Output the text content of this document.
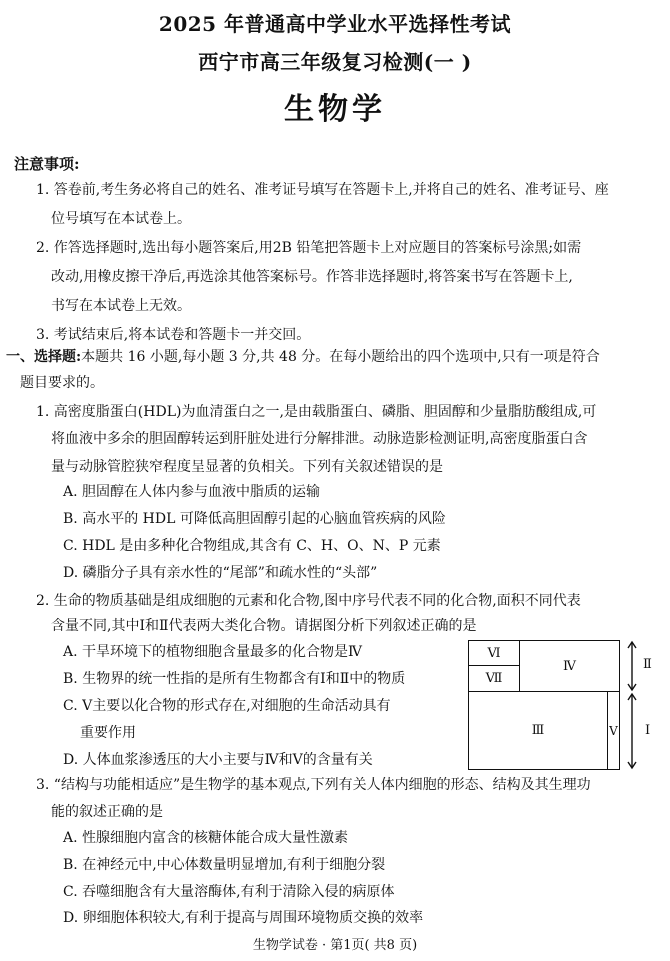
2025 年普通高中学业水平选择性考试
西宁市高三年级复习检测(一 )
生物学
注意事项:
1. 答卷前,考生务必将自己的姓名、准考证号填写在答题卡上,并将自己的姓名、准考证号、座
位号填写在本试卷上。
2. 作答选择题时,选出每小题答案后,用2B 铅笔把答题卡上对应题目的答案标号涂黑;如需
改动,用橡皮擦干净后,再选涂其他答案标号。作答非选择题时,将答案书写在答题卡上,
书写在本试卷上无效。
3. 考试结束后,将本试卷和答题卡一并交回。
一、选择题:本题共 16 小题,每小题 3 分,共 48 分。在每小题给出的四个选项中,只有一项是符合
题目要求的。
1. 高密度脂蛋白(HDL)为血清蛋白之一,是由载脂蛋白、磷脂、胆固醇和少量脂肪酸组成,可
将血液中多余的胆固醇转运到肝脏处进行分解排泄。动脉造影检测证明,高密度脂蛋白含
量与动脉管腔狭窄程度呈显著的负相关。下列有关叙述错误的是
A. 胆固醇在人体内参与血液中脂质的运输
B. 高水平的 HDL 可降低高胆固醇引起的心脑血管疾病的风险
C. HDL 是由多种化合物组成,其含有 C、H、O、N、P 元素
D. 磷脂分子具有亲水性的“尾部”和疏水性的“头部”
2. 生命的物质基础是组成细胞的元素和化合物,图中序号代表不同的化合物,面积不同代表
含量不同,其中Ⅰ和Ⅱ代表两大类化合物。请据图分析下列叙述正确的是
A. 干旱环境下的植物细胞含量最多的化合物是Ⅳ
B. 生物界的统一性指的是所有生物都含有Ⅰ和Ⅱ中的物质
C. Ⅴ主要以化合物的形式存在,对细胞的生命活动具有
重要作用
D. 人体血浆渗透压的大小主要与Ⅳ和Ⅴ的含量有关
Ⅵ
Ⅶ
Ⅳ
Ⅲ	Ⅴ
Ⅱ
Ⅰ
3. “结构与功能相适应”是生物学的基本观点,下列有关人体内细胞的形态、结构及其生理功
能的叙述正确的是
A. 性腺细胞内富含的核糖体能合成大量性激素
B. 在神经元中,中心体数量明显增加,有利于细胞分裂
C. 吞噬细胞含有大量溶酶体,有利于清除入侵的病原体
D. 卵细胞体积较大,有利于提高与周围环境物质交换的效率
生物学试卷 · 第1页( 共8 页)
